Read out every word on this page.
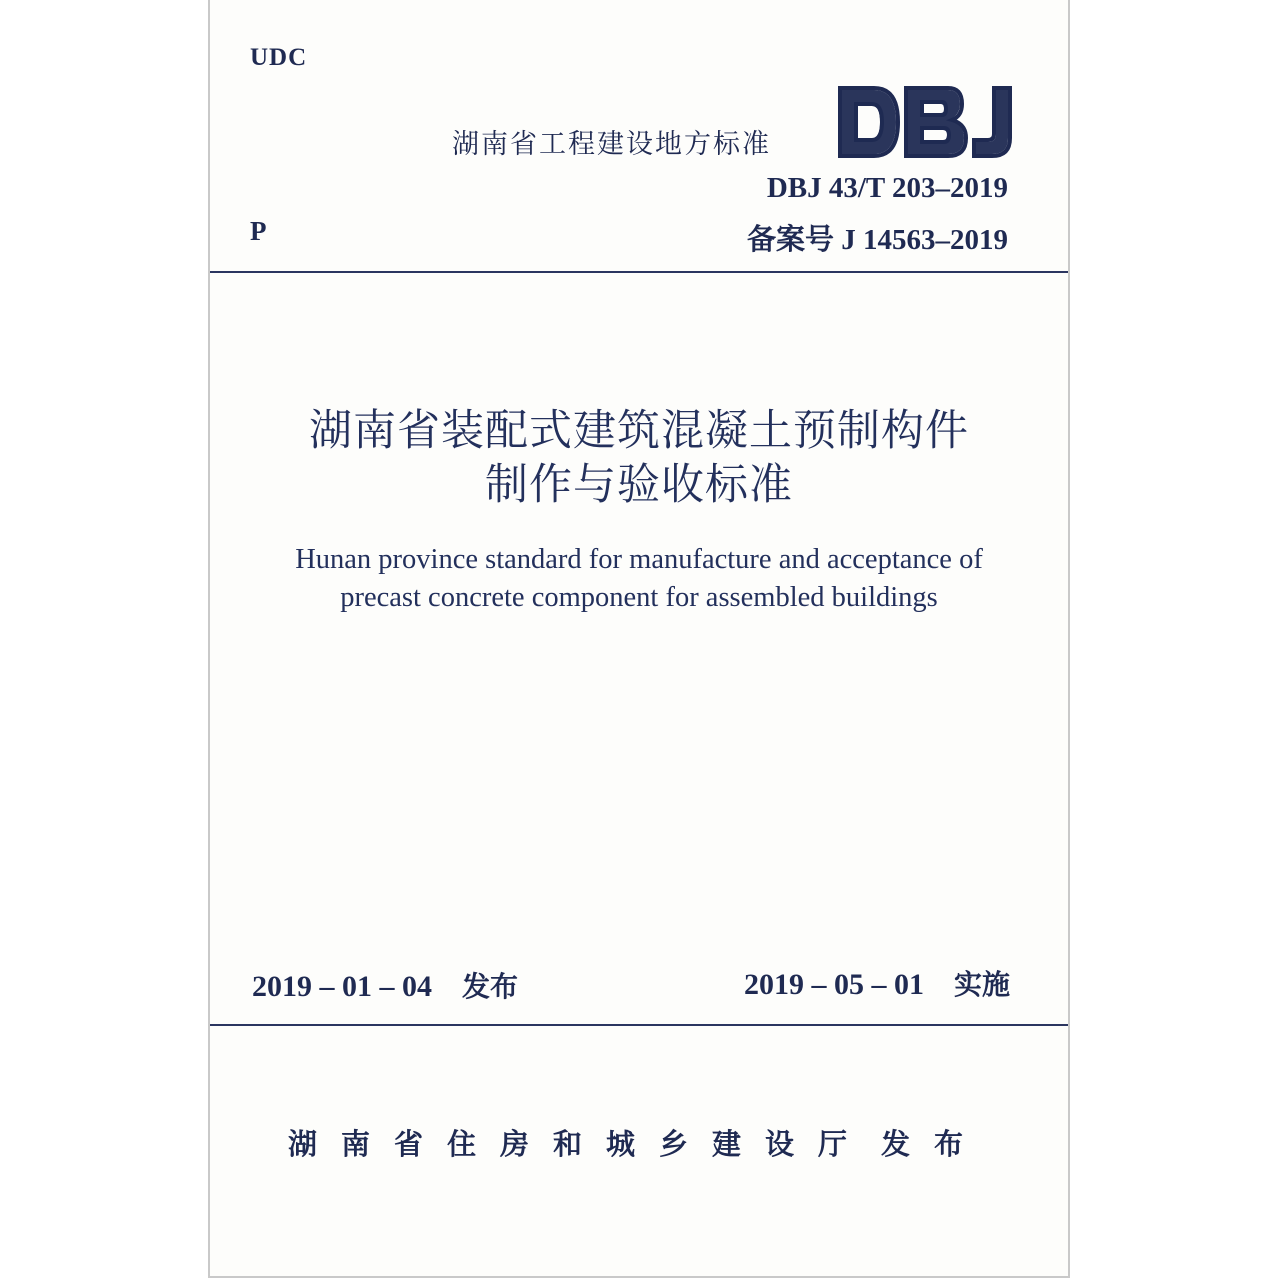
UDC
P
湖南省工程建设地方标准
DBJ 43/T 203–2019
备案号 J 14563–2019
湖南省装配式建筑混凝土预制构件
制作与验收标准
Hunan province standard for manufacture and acceptance of
precast concrete component for assembled buildings
2019 – 01 – 04 发布	2019 – 05 – 01 实施
湖南省住房和城乡建设厅 发布
